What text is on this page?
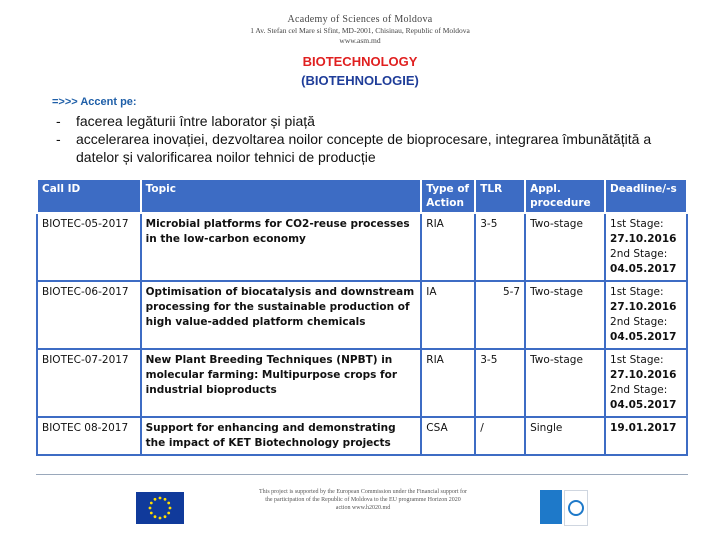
Academy of Sciences of Moldova
1 Av. Stefan cel Mare si Sfint, MD-2001, Chisinau, Republic of Moldova
www.asm.md
BIOTECHNOLOGY
(BIOTEHNOLOGIE)
=>>> Accent pe:
-	facerea legăturii între laborator și piață
-	accelerarea inovației, dezvoltarea noilor concepte de bioprocesare, integrarea îmbunătățită a datelor și valorificarea noilor tehnici de producție
Call ID	Topic	Type of Action	TLR	Appl. procedure	Deadline/-s
BIOTEC-05-2017	Microbial platforms for CO2-reuse processes in the low-carbon economy	RIA	3-5	Two-stage	1st Stage:
27.10.2016
2nd Stage:
04.05.2017

BIOTEC-06-2017	Optimisation of biocatalysis and downstream processing for the sustainable production of high value-added platform chemicals	IA	5-7	Two-stage	1st Stage:
27.10.2016
2nd Stage:
04.05.2017

BIOTEC-07-2017	New Plant Breeding Techniques (NPBT) in molecular farming: Multipurpose crops for industrial bioproducts	RIA	3-5	Two-stage	1st Stage:
27.10.2016
2nd Stage:
04.05.2017

BIOTEC 08-2017	Support for enhancing and demonstrating the impact of KET Biotechnology projects	CSA	/	Single	19.01.2017
This project is supported by the European Commission under the Financial support for the participation of the Republic of Moldova to the EU programme Horizon 2020 action www.h2020.md
